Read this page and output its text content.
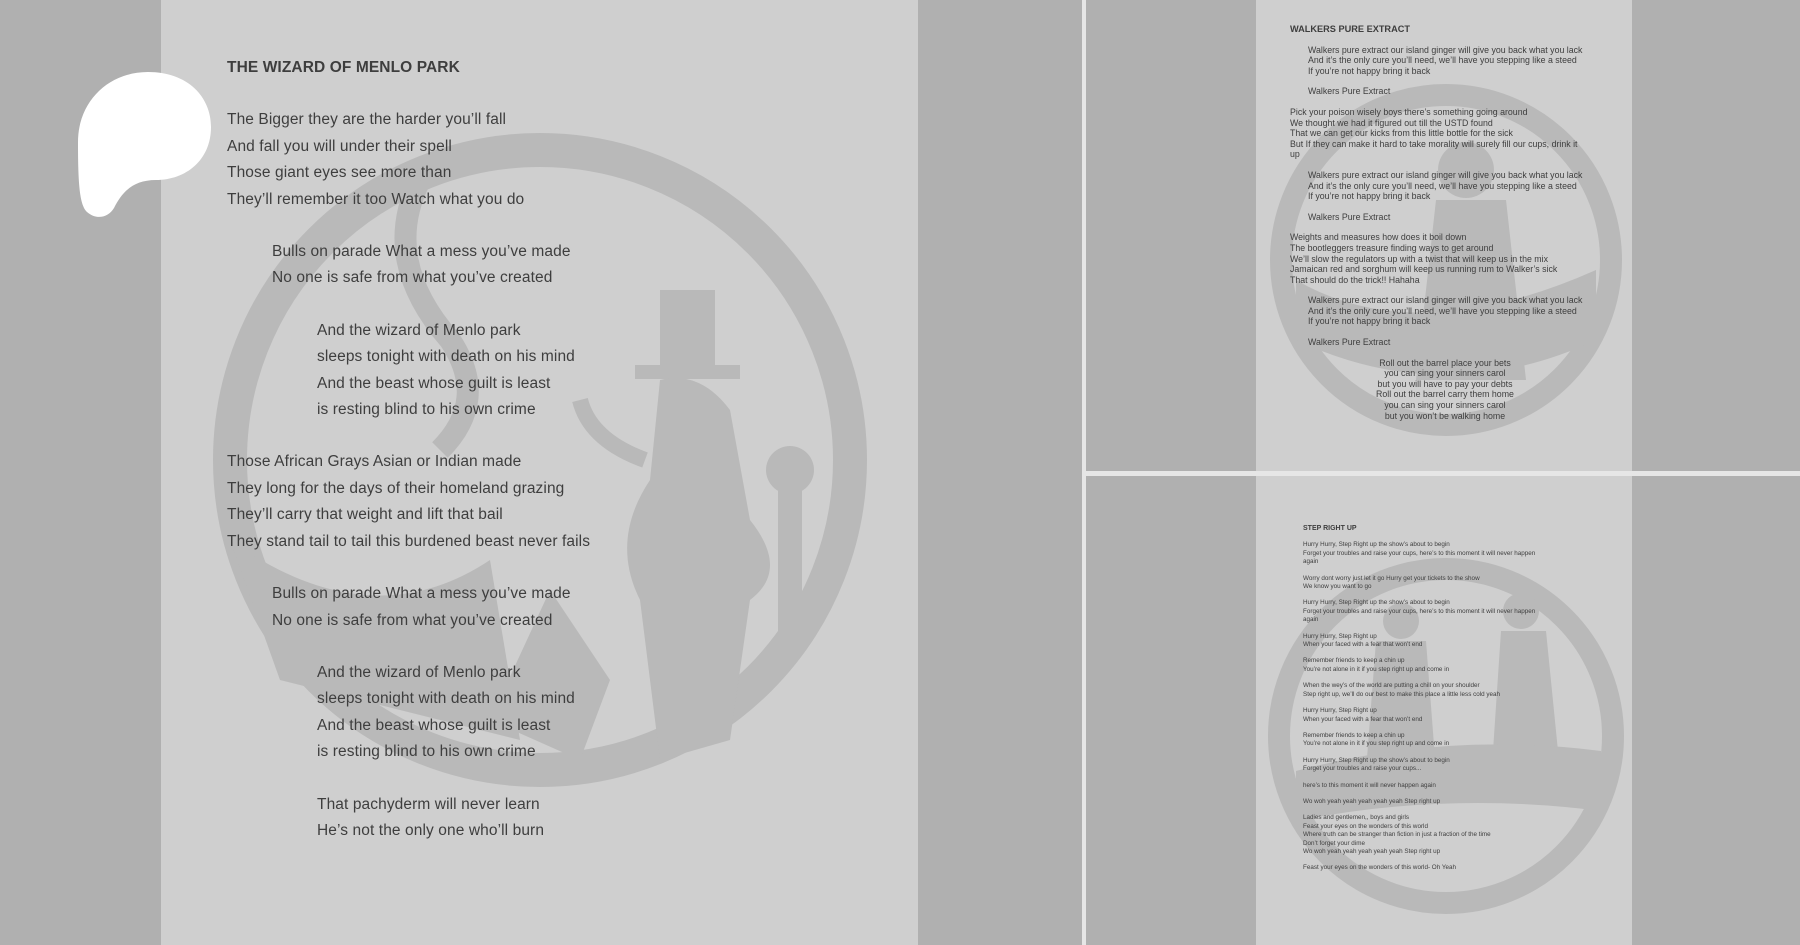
THE WIZARD OF MENLO PARK
The Bigger they are the harder you’ll fall
And fall you will under their spell
Those giant eyes see more than
They’ll remember it too Watch what you do
Bulls on parade What a mess you’ve made
No one is safe from what you’ve created
And the wizard of Menlo park
sleeps tonight with death on his mind
And the beast whose guilt is least
is resting blind to his own crime
Those African Grays Asian or Indian made
They long for the days of their homeland grazing
They’ll carry that weight and lift that bail
They stand tail to tail this burdened beast never fails
Bulls on parade What a mess you’ve made
No one is safe from what you’ve created
And the wizard of Menlo park
sleeps tonight with death on his mind
And the beast whose guilt is least
is resting blind to his own crime
That pachyderm will never learn
He’s not the only one who’ll burn
WALKERS PURE EXTRACT
Walkers pure extract our island ginger will give you back what you lack
And it’s the only cure you’ll need, we’ll have you stepping like a steed
If you’re not happy bring it back
Walkers Pure Extract
Pick your poison wisely boys there’s something going around
We thought we had it figured out till the USTD found
That we can get our kicks from this little bottle for the sick
But If they can make it hard to take morality will surely fill our cups, drink it
up
Walkers pure extract our island ginger will give you back what you lack
And it’s the only cure you’ll need, we’ll have you stepping like a steed
If you’re not happy bring it back
Walkers Pure Extract
Weights and measures how does it boil down
The bootleggers treasure finding ways to get around
We’ll slow the regulators up with a twist that will keep us in the mix
Jamaican red and sorghum will keep us running rum to Walker’s sick
That should do the trick!! Hahaha
Walkers pure extract our island ginger will give you back what you lack
And it’s the only cure you’ll need, we’ll have you stepping like a steed
If you’re not happy bring it back
Walkers Pure Extract
Roll out the barrel place your bets
you can sing your sinners carol
but you will have to pay your debts
Roll out the barrel carry them home
you can sing your sinners carol
but you won’t be walking home
STEP RIGHT UP
Hurry Hurry, Step Right up the show’s about to begin
Forget your troubles and raise your cups, here’s to this moment it will never happen
again
Worry dont worry just let it go Hurry get your tickets to the show
We know you want to go
Hurry Hurry, Step Right up the show’s about to begin
Forget your troubles and raise your cups, here’s to this moment it will never happen
again
Hurry Hurry, Step Right up
When your faced with a fear that won’t end
Remember friends to keep a chin up
You’re not alone in it if you step right up and come in
When the wey’s of the world are putting a chill on your shoulder
Step right up, we’ll do our best to make this place a little less cold yeah
Hurry Hurry, Step Right up
When your faced with a fear that won’t end
Remember friends to keep a chin up
You’re not alone in it if you step right up and come in
Hurry Hurry, Step Right up the show’s about to begin
Forget your troubles and raise your cups...
here’s to this moment it will never happen again
Wo woh yeah yeah yeah yeah yeah Step right up
Ladies and gentlemen,, boys and girls
Feast your eyes on the wonders of this world
Where truth can be stranger than fiction in just a fraction of the time
Don’t forget your dime
Wo woh yeah yeah yeah yeah yeah Step right up
Feast your eyes on the wonders of this world- Oh Yeah
